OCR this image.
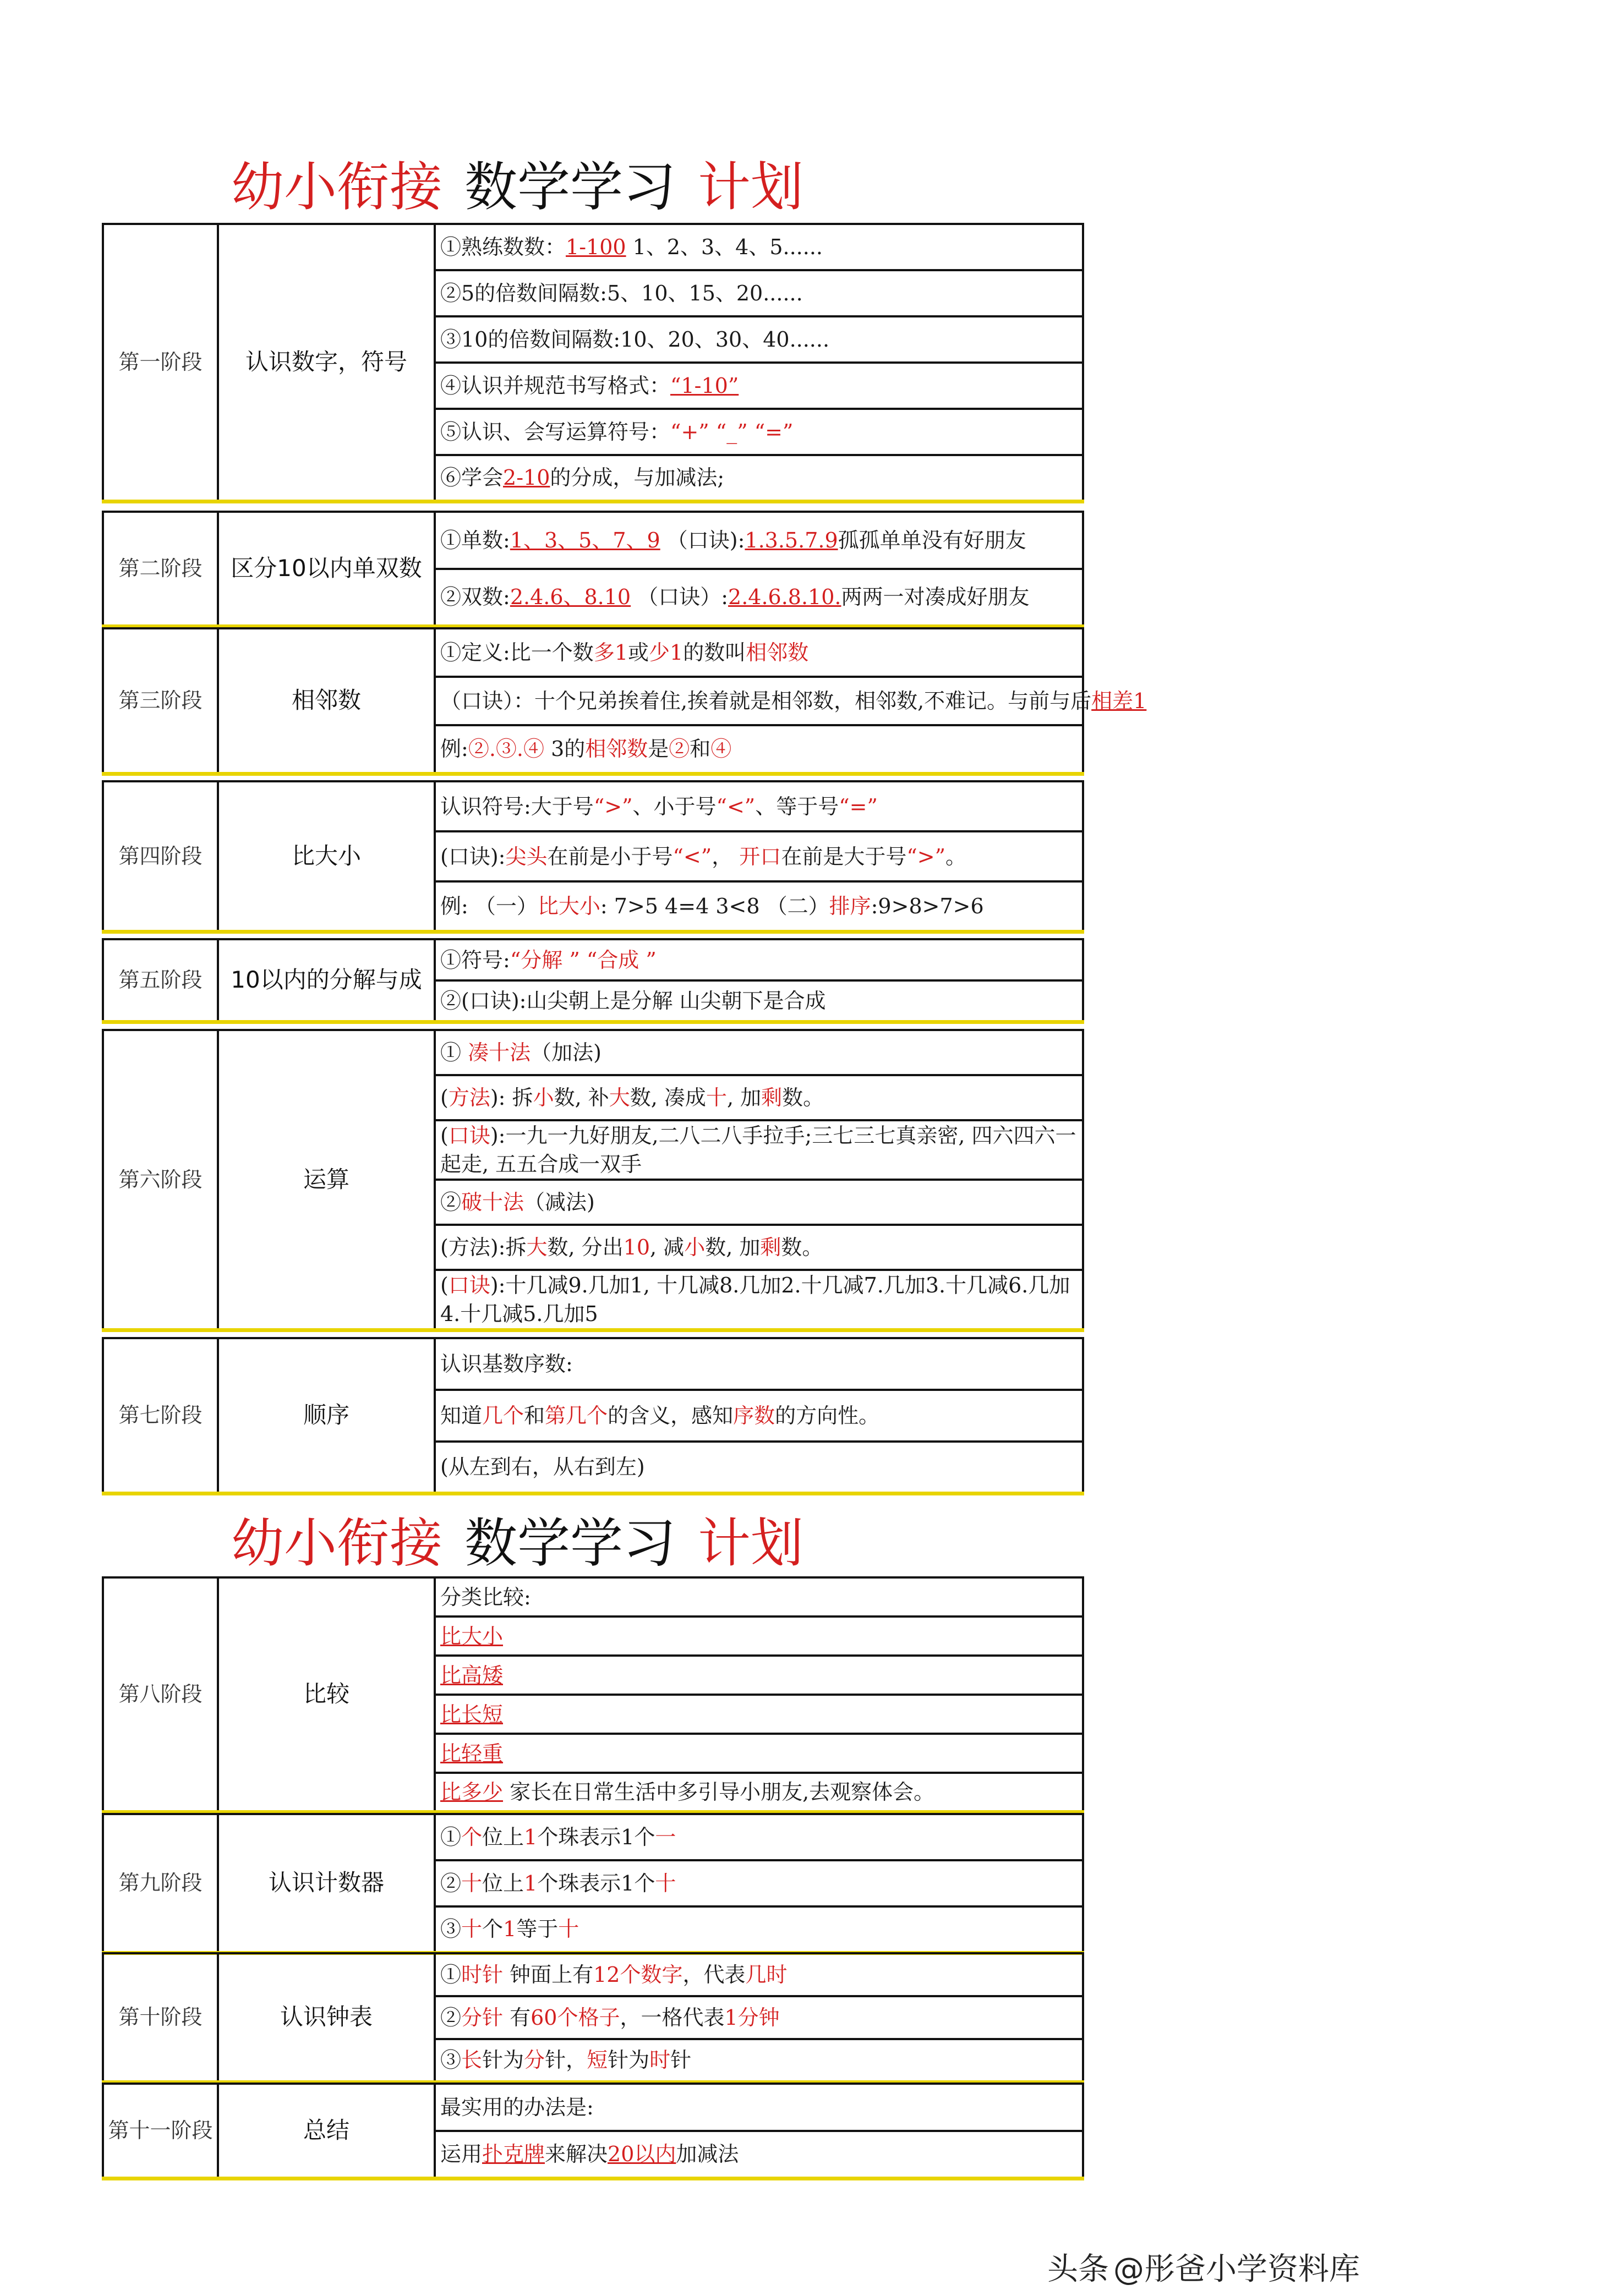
幼小衔接 数学学习 计划
幼小衔接 数学学习 计划
第一阶段	认识数字，符号	①熟练数数：1-100 1、2、3、4、5......
②5的倍数间隔数:5、10、15、20......
③10的倍数间隔数:10、20、30、40......
④认识并规范书写格式：“1-10”
⑤认识、会写运算符号：“+” “_” “=”
⑥学会2-10的分成，与加减法;
第二阶段	区分10以内单双数	①单数:1、3、5、7、9 （口诀):1.3.5.7.9孤孤单单没有好朋友
②双数:2.4.6、8.10 （口诀）:2.4.6.8.10.两两一对凑成好朋友
第三阶段	相邻数	①定义:比一个数多1或少1的数叫相邻数
（口诀）：十个兄弟挨着住,挨着就是相邻数，相邻数,不难记。与前与后相差1
例:②.③.④ 3的相邻数是②和④
第四阶段	比大小	认识符号:大于号“>”、小于号“<”、等于号“=”
(口诀):尖头在前是小于号“<”， 开口在前是大于号“>”。
例: （一）比大小: 7>5 4=4 3<8 （二）排序:9>8>7>6
第五阶段	10以内的分解与成	①符号:“分解 ” “合成 ”
②(口诀):山尖朝上是分解 山尖朝下是合成
第六阶段	运算	① 凑十法（加法)
(方法): 拆小数, 补大数, 凑成十, 加剩数。
(口诀):一九一九好朋友,二八二八手拉手;三七三七真亲密, 四六四六一起走, 五五合成一双手
②破十法（减法)
(方法):拆大数, 分出10, 减小数, 加剩数。
(口诀):十几减9.几加1, 十几减8.几加2.十几减7.几加3.十几减6.几加4.十几减5.几加5
第七阶段	顺序	认识基数序数:
知道几个和第几个的含义，感知序数的方向性。
(从左到右，从右到左)
第八阶段	比较	分类比较:
比大小
比高矮
比长短
比轻重
比多少 家长在日常生活中多引导小朋友,去观察体会。
第九阶段	认识计数器	①个位上1个珠表示1个一
②十位上1个珠表示1个十
③十个1等于十
第十阶段	认识钟表	①时针 钟面上有12个数字，代表几时
②分针 有60个格子，一格代表1分钟
③长针为分针，短针为时针
第十一阶段	总结	最实用的办法是:
运用扑克牌来解决20以内加减法
头条 @彤爸小学资料库
